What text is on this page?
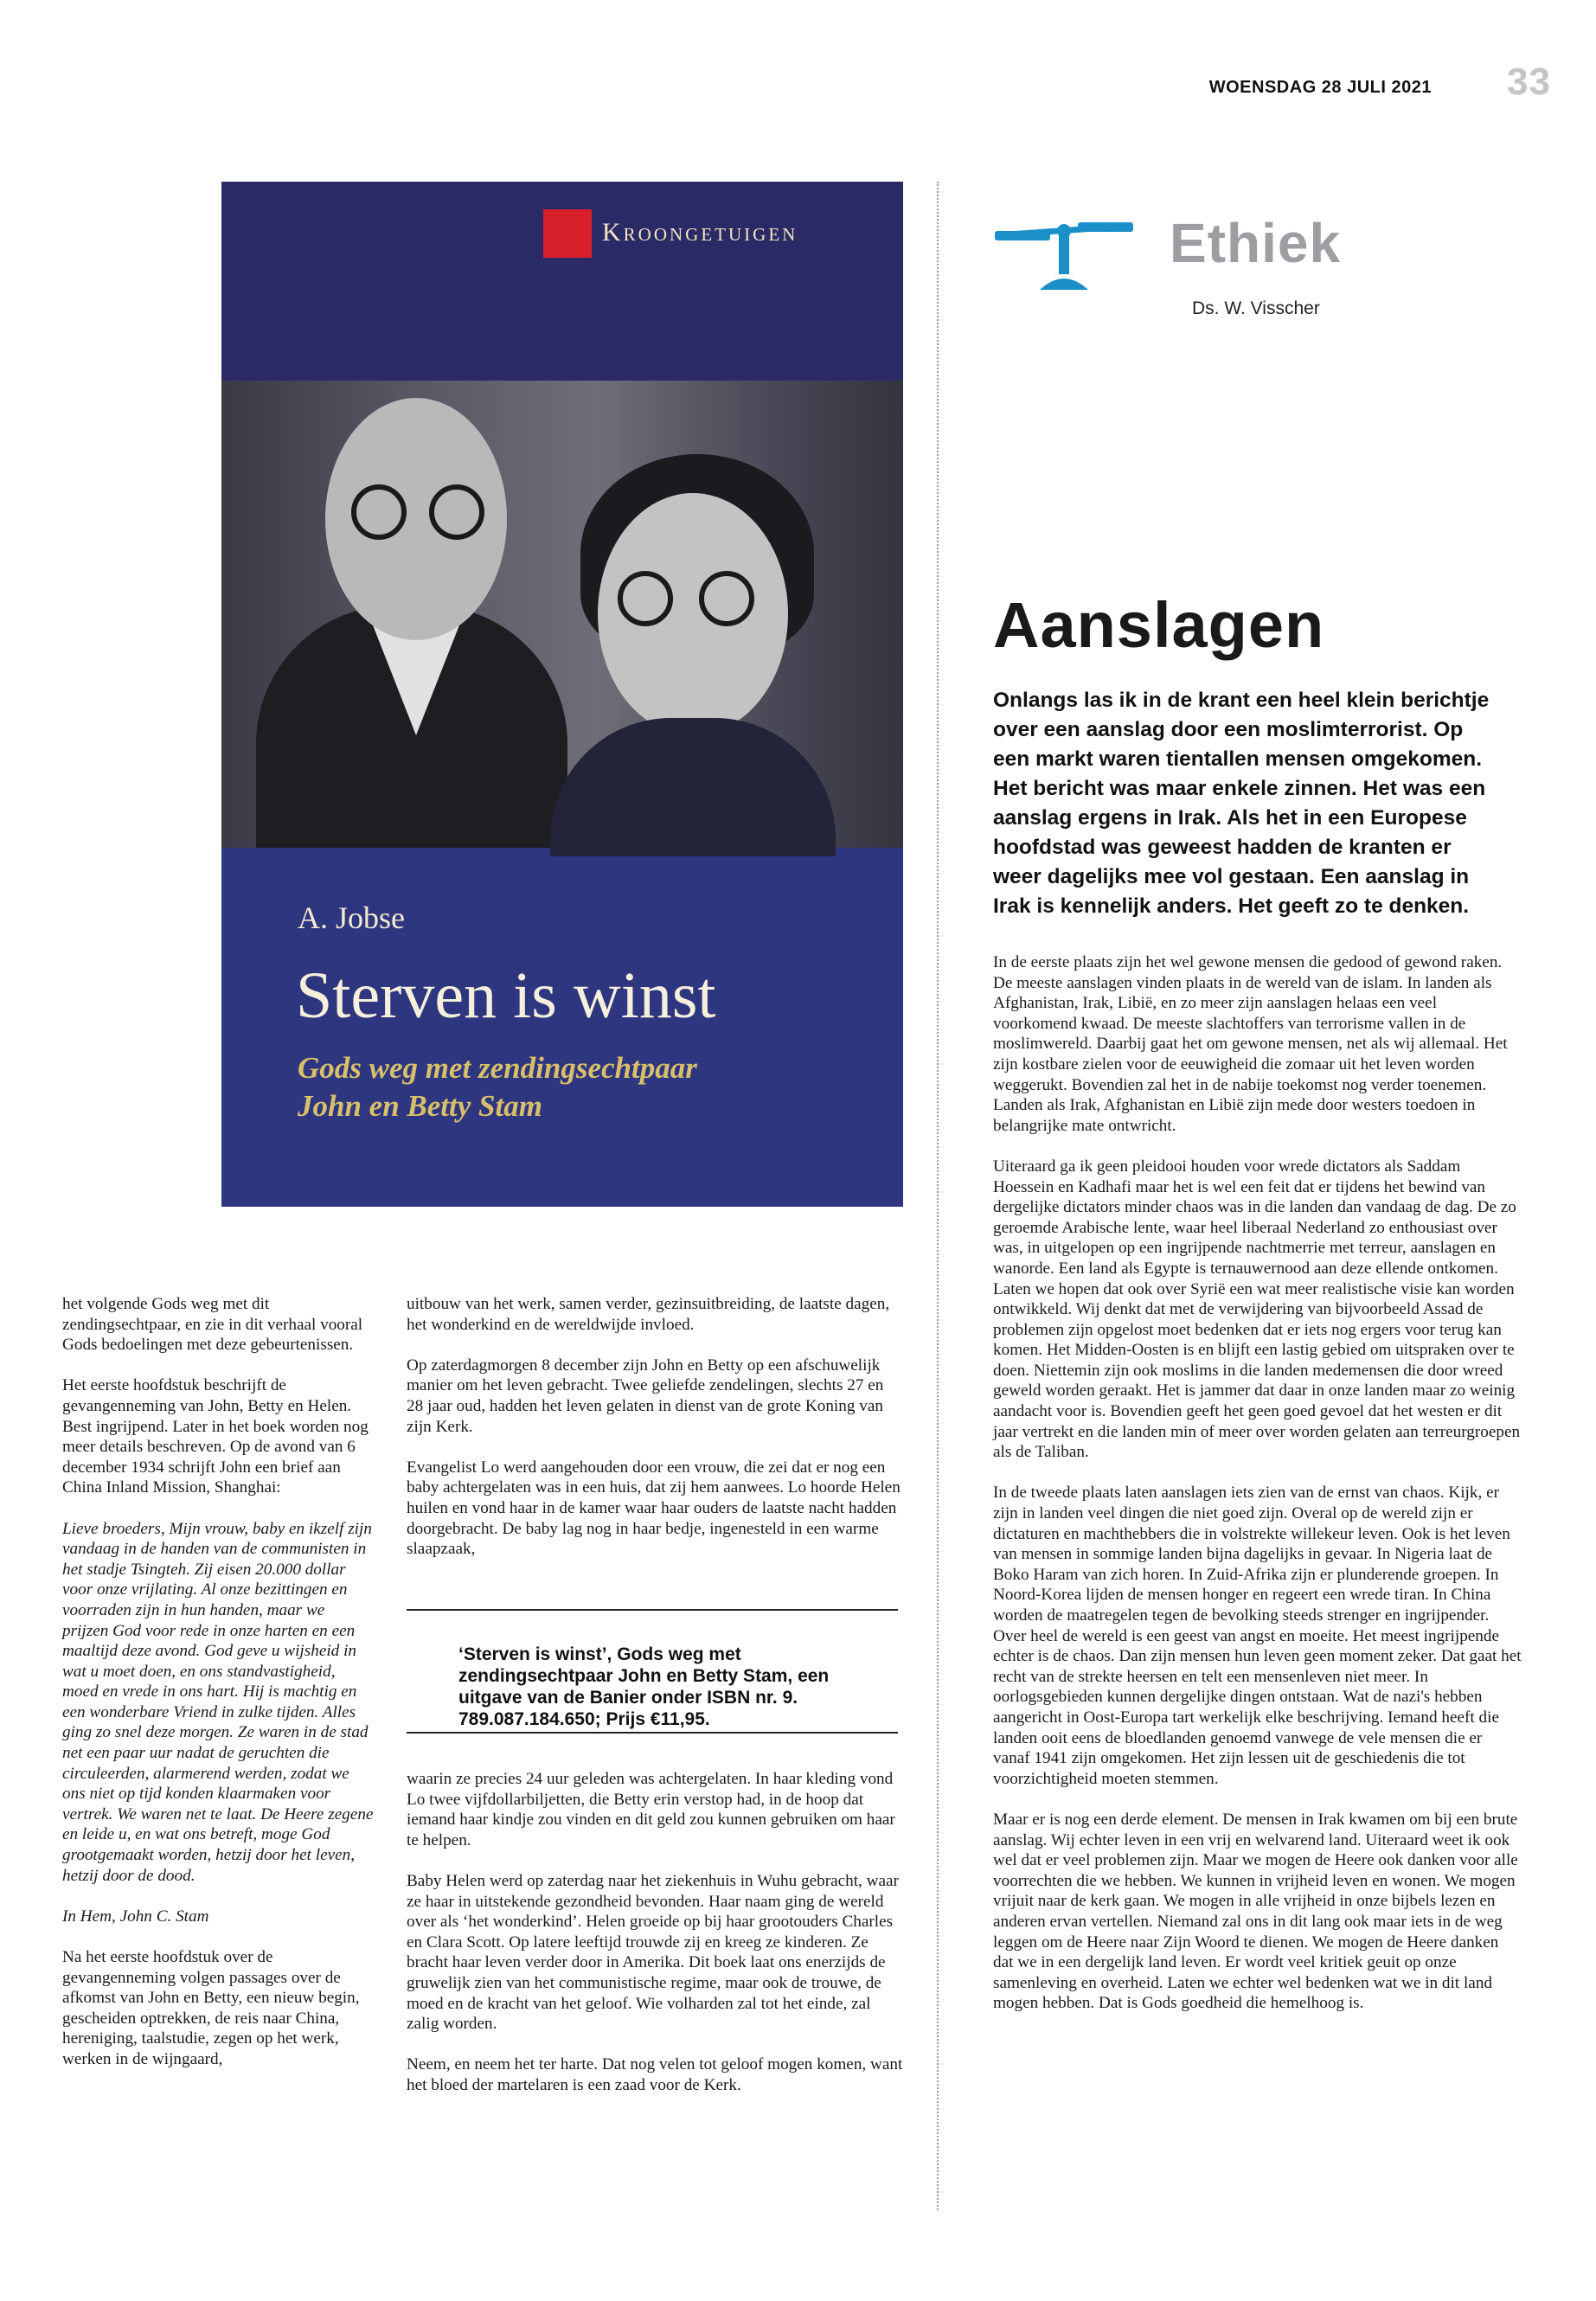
WOENSDAG 28 JULI 2021 33
Kroongetuigen
A. Jobse
Sterven is winst
Gods weg met zendingsechtpaar
John en Betty Stam
Ethiek
Ds. W. Visscher
Aanslagen
Onlangs las ik in de krant een heel klein berichtje over een aanslag door een moslimterrorist. Op een markt waren tientallen mensen omgekomen. Het bericht was maar enkele zinnen. Het was een aanslag ergens in Irak. Als het in een Europese hoofdstad was geweest hadden de kranten er weer dagelijks mee vol gestaan. Een aanslag in Irak is kennelijk anders. Het geeft zo te denken.

In de eerste plaats zijn het wel gewone mensen die gedood of gewond raken. De meeste aanslagen vinden plaats in de wereld van de islam. In landen als Afghanistan, Irak, Libië, en zo meer zijn aanslagen helaas een veel voorkomend kwaad. De meeste slachtoffers van terrorisme vallen in de moslimwereld. Daarbij gaat het om gewone mensen, net als wij allemaal. Het zijn kostbare zielen voor de eeuwigheid die zomaar uit het leven worden weggerukt. Bovendien zal het in de nabije toekomst nog verder toenemen. Landen als Irak, Afghanistan en Libië zijn mede door westers toedoen in belangrijke mate ontwricht.

Uiteraard ga ik geen pleidooi houden voor wrede dictators als Saddam Hoessein en Kadhafi maar het is wel een feit dat er tijdens het bewind van dergelijke dictators minder chaos was in die landen dan vandaag de dag. De zo geroemde Arabische lente, waar heel liberaal Nederland zo enthousiast over was, in uitgelopen op een ingrijpende nachtmerrie met terreur, aanslagen en wanorde. Een land als Egypte is ternauwernood aan deze ellende ontkomen. Laten we hopen dat ook over Syrië een wat meer realistische visie kan worden ontwikkeld. Wij denkt dat met de verwijdering van bijvoorbeeld Assad de problemen zijn opgelost moet bedenken dat er iets nog ergers voor terug kan komen. Het Midden-Oosten is en blijft een lastig gebied om uitspraken over te doen. Niettemin zijn ook moslims in die landen medemensen die door wreed geweld worden geraakt. Het is jammer dat daar in onze landen maar zo weinig aandacht voor is. Bovendien geeft het geen goed gevoel dat het westen er dit jaar vertrekt en die landen min of meer over worden gelaten aan terreurgroepen als de Taliban.

In de tweede plaats laten aanslagen iets zien van de ernst van chaos. Kijk, er zijn in landen veel dingen die niet goed zijn. Overal op de wereld zijn er dictaturen en machthebbers die in volstrekte willekeur leven. Ook is het leven van mensen in sommige landen bijna dagelijks in gevaar. In Nigeria laat de Boko Haram van zich horen. In Zuid-Afrika zijn er plunderende groepen. In Noord-Korea lijden de mensen honger en regeert een wrede tiran. In China worden de maatregelen tegen de bevolking steeds strenger en ingrijpender. Over heel de wereld is een geest van angst en moeite. Het meest ingrijpende echter is de chaos. Dan zijn mensen hun leven geen moment zeker. Dat gaat het recht van de strekte heersen en telt een mensenleven niet meer. In oorlogsgebieden kunnen dergelijke dingen ontstaan. Wat de nazi's hebben aangericht in Oost-Europa tart werkelijk elke beschrijving. Iemand heeft die landen ooit eens de bloedlanden genoemd vanwege de vele mensen die er vanaf 1941 zijn omgekomen. Het zijn lessen uit de geschiedenis die tot voorzichtigheid moeten stemmen.

Maar er is nog een derde element. De mensen in Irak kwamen om bij een brute aanslag. Wij echter leven in een vrij en welvarend land. Uiteraard weet ik ook wel dat er veel problemen zijn. Maar we mogen de Heere ook danken voor alle voorrechten die we hebben. We kunnen in vrijheid leven en wonen. We mogen vrijuit naar de kerk gaan. We mogen in alle vrijheid in onze bijbels lezen en anderen ervan vertellen. Niemand zal ons in dit lang ook maar iets in de weg leggen om de Heere naar Zijn Woord te dienen. We mogen de Heere danken dat we in een dergelijk land leven. Er wordt veel kritiek geuit op onze samenleving en overheid. Laten we echter wel bedenken wat we in dit land mogen hebben. Dat is Gods goedheid die hemelhoog is.

het volgende Gods weg met dit zendingsechtpaar, en zie in dit verhaal vooral Gods bedoelingen met deze gebeurtenissen.

Het eerste hoofdstuk beschrijft de gevangenneming van John, Betty en Helen. Best ingrijpend. Later in het boek worden nog meer details beschreven. Op de avond van 6 december 1934 schrijft John een brief aan China Inland Mission, Shanghai:

Lieve broeders, Mijn vrouw, baby en ikzelf zijn vandaag in de handen van de communisten in het stadje Tsingteh. Zij eisen 20.000 dollar voor onze vrijlating. Al onze bezittingen en voorraden zijn in hun handen, maar we prijzen God voor rede in onze harten en een maaltijd deze avond. God geve u wijsheid in wat u moet doen, en ons standvastigheid, moed en vrede in ons hart. Hij is machtig en een wonderbare Vriend in zulke tijden. Alles ging zo snel deze morgen. Ze waren in de stad net een paar uur nadat de geruchten die circuleerden, alarmerend werden, zodat we ons niet op tijd konden klaarmaken voor vertrek. We waren net te laat. De Heere zegene en leide u, en wat ons betreft, moge God grootgemaakt worden, hetzij door het leven, hetzij door de dood.

In Hem, John C. Stam

Na het eerste hoofdstuk over de gevangenneming volgen passages over de afkomst van John en Betty, een nieuw begin, gescheiden optrekken, de reis naar China, hereniging, taalstudie, zegen op het werk, werken in de wijngaard,

uitbouw van het werk, samen verder, gezinsuitbreiding, de laatste dagen, het wonderkind en de wereldwijde invloed.

Op zaterdagmorgen 8 december zijn John en Betty op een afschuwelijk manier om het leven gebracht. Twee geliefde zendelingen, slechts 27 en 28 jaar oud, hadden het leven gelaten in dienst van de grote Koning van zijn Kerk.

Evangelist Lo werd aangehouden door een vrouw, die zei dat er nog een baby achtergelaten was in een huis, dat zij hem aanwees. Lo hoorde Helen huilen en vond haar in de kamer waar haar ouders de laatste nacht hadden doorgebracht. De baby lag nog in haar bedje, ingenesteld in een warme slaapzaak,

‘Sterven is winst’, Gods weg met zendingsechtpaar John en Betty Stam, een uitgave van de Banier onder ISBN nr. 9. 789.087.184.650; Prijs €11,95.

waarin ze precies 24 uur geleden was achtergelaten. In haar kleding vond Lo twee vijfdollarbiljetten, die Betty erin verstop had, in de hoop dat iemand haar kindje zou vinden en dit geld zou kunnen gebruiken om haar te helpen.

Baby Helen werd op zaterdag naar het ziekenhuis in Wuhu gebracht, waar ze haar in uitstekende gezondheid bevonden. Haar naam ging de wereld over als ‘het wonderkind’. Helen groeide op bij haar grootouders Charles en Clara Scott. Op latere leeftijd trouwde zij en kreeg ze kinderen. Ze bracht haar leven verder door in Amerika. Dit boek laat ons enerzijds de gruwelijk zien van het communistische regime, maar ook de trouwe, de moed en de kracht van het geloof. Wie volharden zal tot het einde, zal zalig worden.

Neem, en neem het ter harte. Dat nog velen tot geloof mogen komen, want het bloed der martelaren is een zaad voor de Kerk.
